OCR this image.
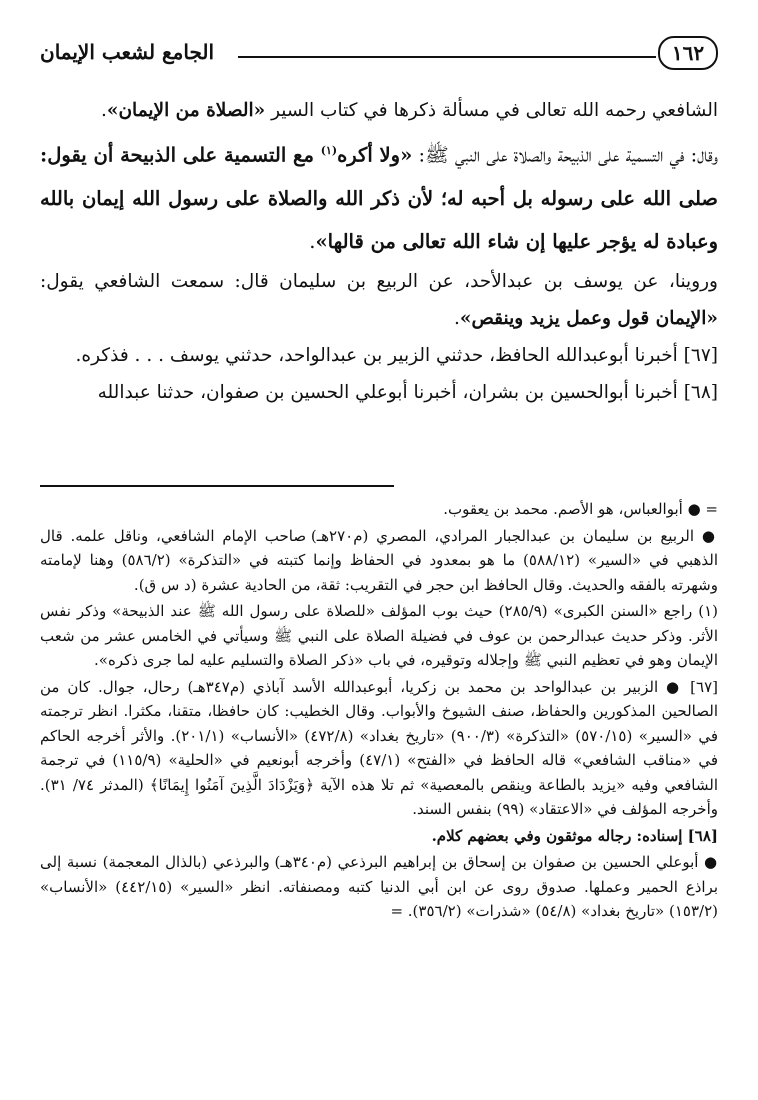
١٦٢
الجامع لشعب الإيمان

الشافعي رحمه الله تعالى في مسألة ذكرها في كتاب السير «الصلاة من الإيمان».

وقال: في التسمية على الذبيحة والصلاة على النبي ﷺ: «ولا أكره$^{(١)}$ مع التسمية على الذبيحة أن يقول: صلى الله على رسوله بل أحبه له؛ لأن ذكر الله والصلاة على رسول الله إيمان بالله وعبادة له يؤجر عليها إن شاء الله تعالى من قالها».

وروينا، عن يوسف بن عبدالأحد، عن الربيع بن سليمان قال: سمعت الشافعي يقول: «الإيمان قول وعمل يزيد وينقص».

[٦٧] أخبرنا أبوعبدالله الحافظ، حدثني الزبير بن عبدالواحد، حدثني يوسف . . . فذكره.

[٦٨] أخبرنا أبوالحسين بن بشران، أخبرنا أبوعلي الحسين بن صفوان، حدثنا عبدالله

= ● أبوالعباس، هو الأصم. محمد بن يعقوب.

● الربيع بن سليمان بن عبدالجبار المرادي، المصري (م٢٧٠هـ) صاحب الإمام الشافعي، وناقل علمه. قال الذهبي في «السير» (٥٨٨/١٢) ما هو بمعدود في الحفاظ وإنما كتبته في «التذكرة» (٥٨٦/٢) وهنا لإمامته وشهرته بالفقه والحديث. وقال الحافظ ابن حجر في التقريب: ثقة، من الحادية عشرة (د س ق).

(١) راجع «السنن الكبرى» (٢٨٥/٩) حيث بوب المؤلف «للصلاة على رسول الله ﷺ عند الذبيحة» وذكر نفس الأثر. وذكر حديث عبدالرحمن بن عوف في فضيلة الصلاة على النبي ﷺ وسيأتي في الخامس عشر من شعب الإيمان وهو في تعظيم النبي ﷺ وإجلاله وتوقيره، في باب «ذكر الصلاة والتسليم عليه لما جرى ذكره».

[٦٧] ● الزبير بن عبدالواحد بن محمد بن زكريا، أبوعبدالله الأسد آباذي (م٣٤٧هـ) رحال، جوال. كان من الصالحين المذكورين والحفاظ، صنف الشيوخ والأبواب. وقال الخطيب: كان حافظا، متقنا، مكثرا. انظر ترجمته في «السير» (٥٧٠/١٥) «التذكرة» (٩٠٠/٣) «تاريخ بغداد» (٤٧٢/٨) «الأنساب» (٢٠١/١). والأثر أخرجه الحاكم في «مناقب الشافعي» قاله الحافظ في «الفتح» (٤٧/١) وأخرجه أبونعيم في «الحلية» (١١٥/٩) في ترجمة الشافعي وفيه «يزيد بالطاعة وينقص بالمعصية» ثم تلا هذه الآية ﴿وَيَزْدَادَ الَّذِينَ آمَنُوا إِيمَانًا﴾ (المدثر ٧٤/ ٣١). وأخرجه المؤلف في «الاعتقاد» (٩٩) بنفس السند.

[٦٨] إسناده: رجاله موثقون وفي بعضهم كلام.

● أبوعلي الحسين بن صفوان بن إسحاق بن إبراهيم البرذعي (م٣٤٠هـ) والبرذعي (بالذال المعجمة) نسبة إلى براذع الحمير وعملها. صدوق روى عن ابن أبي الدنيا كتبه ومصنفاته. انظر «السير» (٤٤٢/١٥) «الأنساب» (١٥٣/٢) «تاريخ بغداد» (٥٤/٨) «شذرات» (٣٥٦/٢). =
